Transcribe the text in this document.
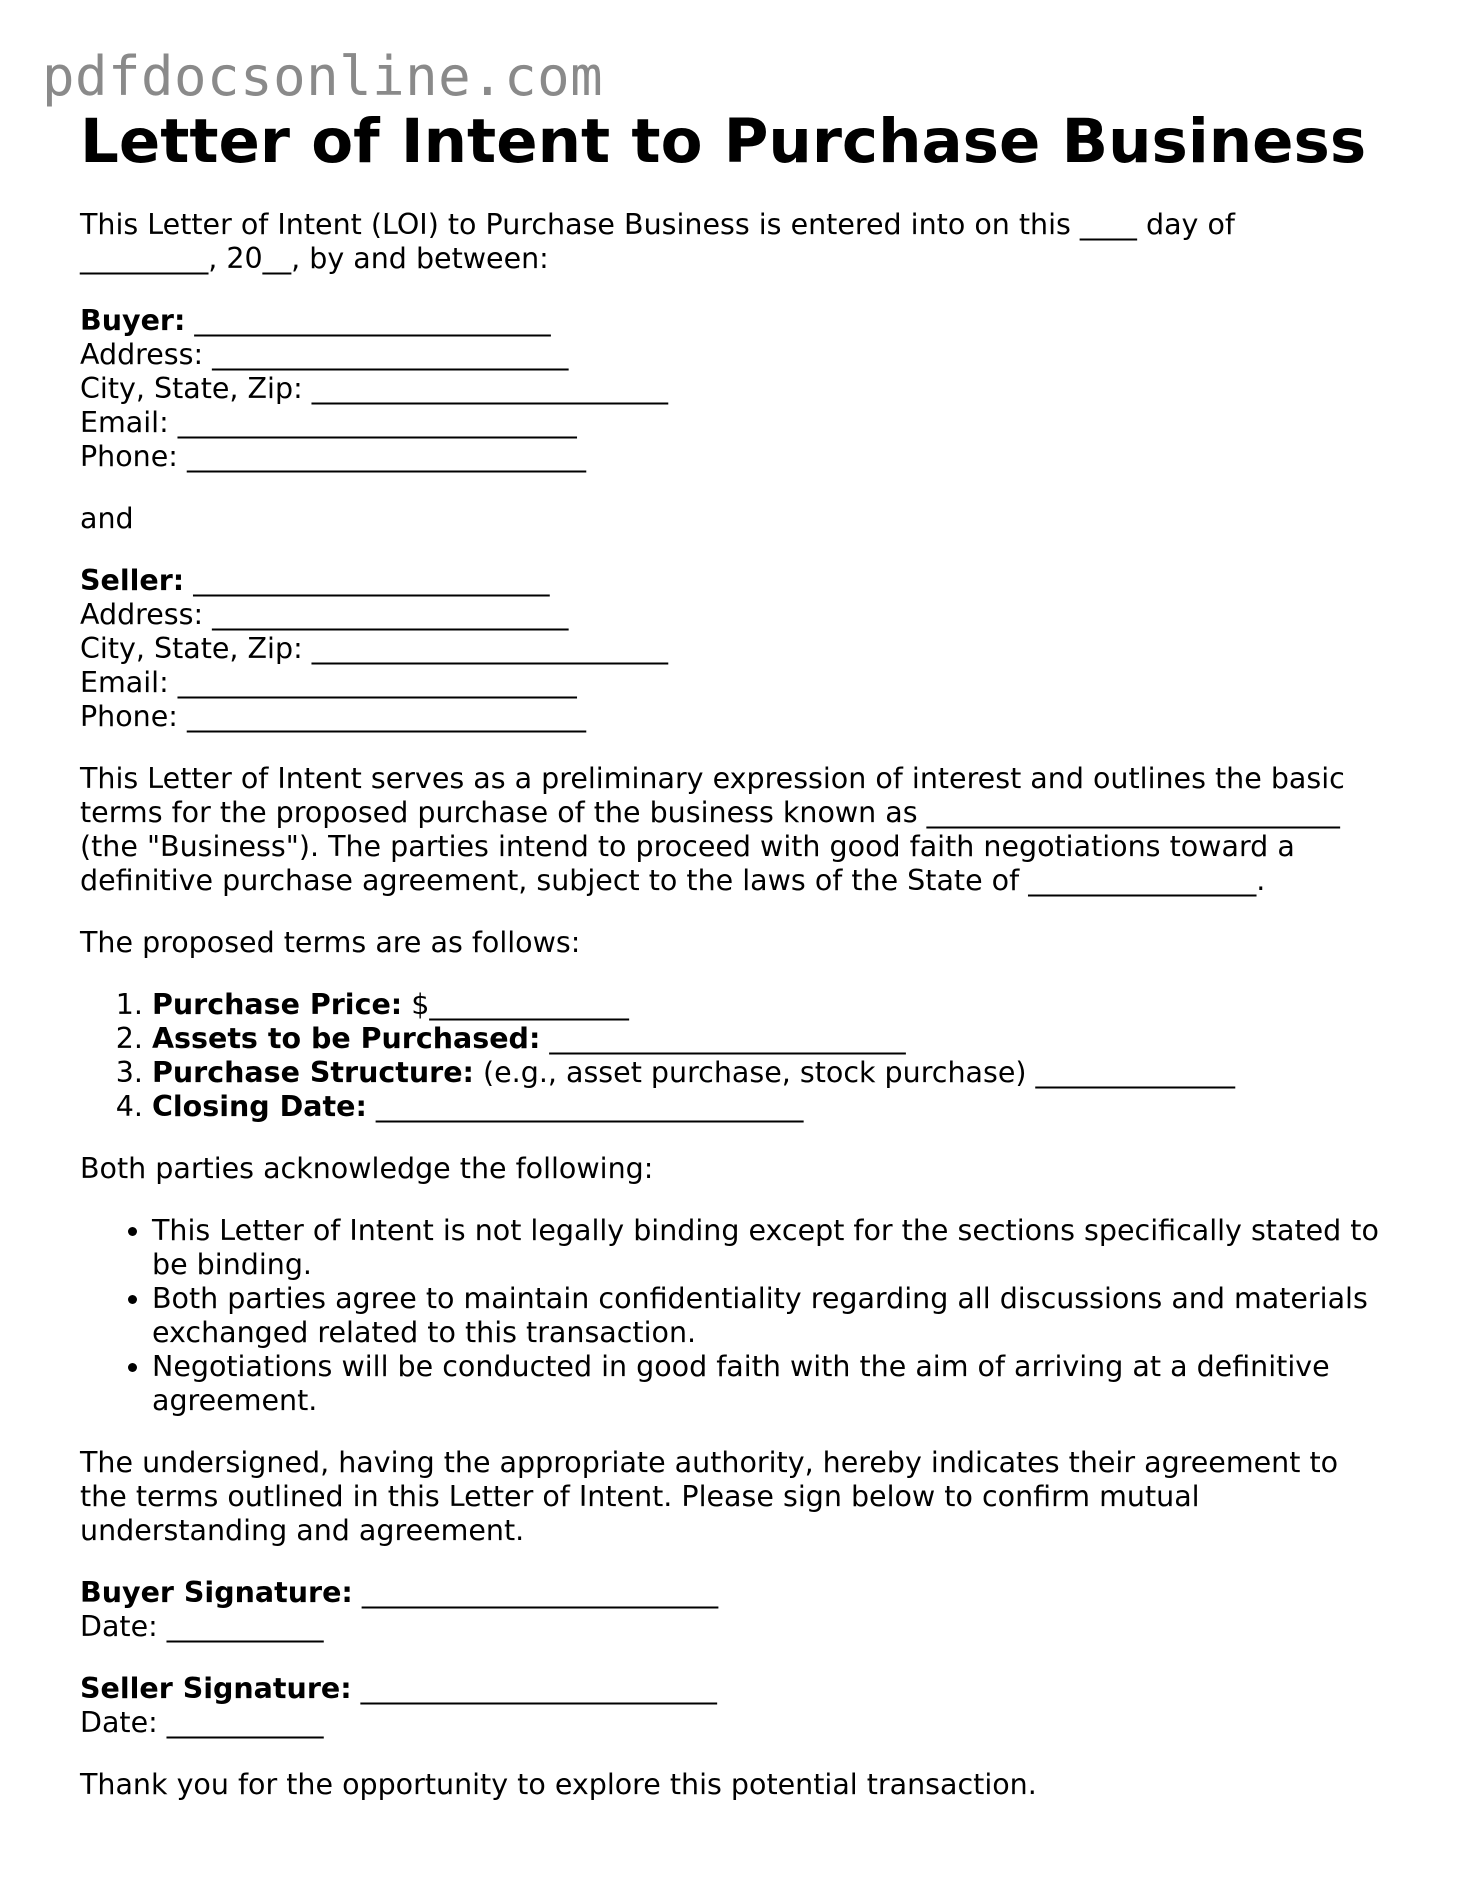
pdfdocsonline.com
Letter of Intent to Purchase Business

This Letter of Intent (LOI) to Purchase Business is entered into on this ____ day of
_________, 20__, by and between:

Buyer: _________________________
Address: _________________________
City, State, Zip: _________________________
Email: ____________________________
Phone: ____________________________

and

Seller: _________________________
Address: _________________________
City, State, Zip: _________________________
Email: ____________________________
Phone: ____________________________

This Letter of Intent serves as a preliminary expression of interest and outlines the basic
terms for the proposed purchase of the business known as _____________________________
(the "Business"). The parties intend to proceed with good faith negotiations toward a
definitive purchase agreement, subject to the laws of the State of ________________.

The proposed terms are as follows:

1. Purchase Price: $______________
2. Assets to be Purchased: _________________________
3. Purchase Structure: (e.g., asset purchase, stock purchase) ______________
4. Closing Date: ______________________________

Both parties acknowledge the following:

• This Letter of Intent is not legally binding except for the sections specifically stated to
be binding.
• Both parties agree to maintain confidentiality regarding all discussions and materials
exchanged related to this transaction.
• Negotiations will be conducted in good faith with the aim of arriving at a definitive
agreement.

The undersigned, having the appropriate authority, hereby indicates their agreement to
the terms outlined in this Letter of Intent. Please sign below to confirm mutual
understanding and agreement.

Buyer Signature: _________________________
Date: ___________

Seller Signature: _________________________
Date: ___________

Thank you for the opportunity to explore this potential transaction.
